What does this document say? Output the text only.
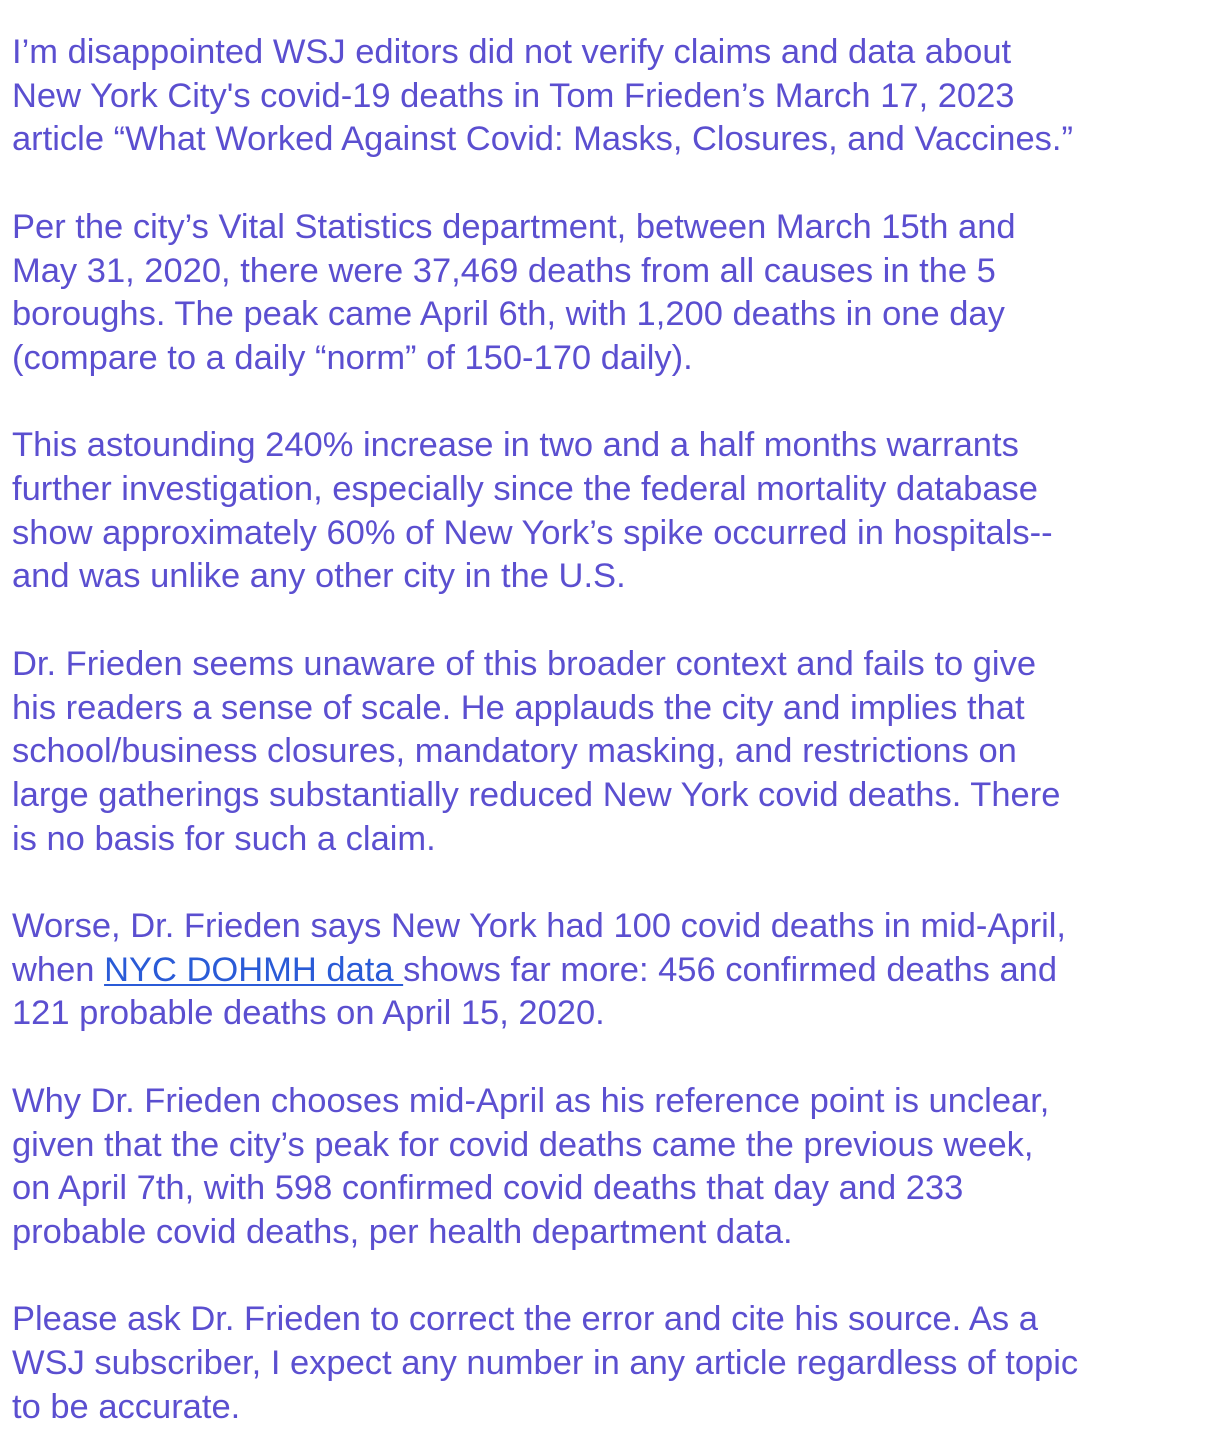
I’m disappointed WSJ editors did not verify claims and data about
New York City's covid-19 deaths in Tom Frieden’s March 17, 2023
article “What Worked Against Covid: Masks, Closures, and Vaccines.”
Per the city’s Vital Statistics department, between March 15th and
May 31, 2020, there were 37,469 deaths from all causes in the 5
boroughs. The peak came April 6th, with 1,200 deaths in one day
(compare to a daily “norm” of 150-170 daily).
This astounding 240% increase in two and a half months warrants
further investigation, especially since the federal mortality database
show approximately 60% of New York’s spike occurred in hospitals--
and was unlike any other city in the U.S.
Dr. Frieden seems unaware of this broader context and fails to give
his readers a sense of scale. He applauds the city and implies that
school/business closures, mandatory masking, and restrictions on
large gatherings substantially reduced New York covid deaths. There
is no basis for such a claim.
Worse, Dr. Frieden says New York had 100 covid deaths in mid-April,
when NYC DOHMH data shows far more: 456 confirmed deaths and
121 probable deaths on April 15, 2020.
Why Dr. Frieden chooses mid-April as his reference point is unclear,
given that the city’s peak for covid deaths came the previous week,
on April 7th, with 598 confirmed covid deaths that day and 233
probable covid deaths, per health department data.
Please ask Dr. Frieden to correct the error and cite his source. As a
WSJ subscriber, I expect any number in any article regardless of topic
to be accurate.
